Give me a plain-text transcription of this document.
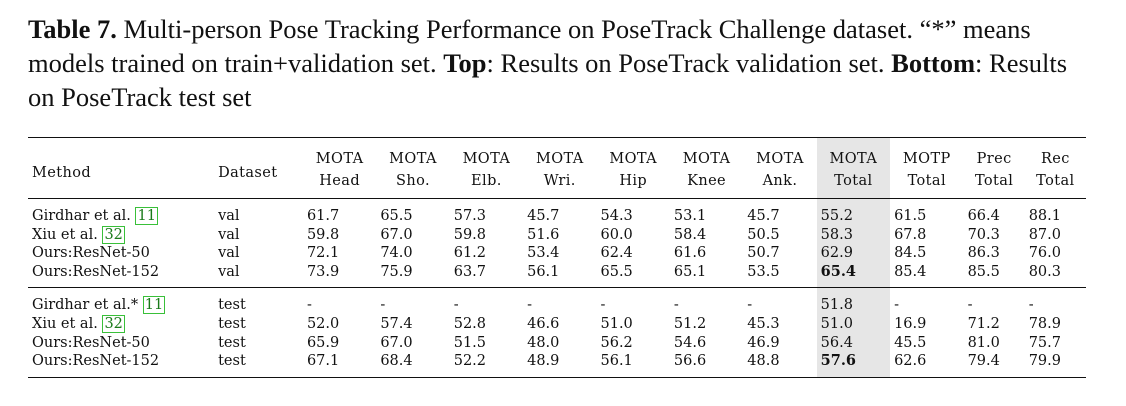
Table 7. Multi-person Pose Tracking Performance on PoseTrack Challenge dataset. “*” means models trained on train+validation set. Top: Results on PoseTrack validation set. Bottom: Results on PoseTrack test set
Method	Dataset	MOTA	MOTA	MOTA	MOTA	MOTA	MOTA	MOTA	MOTA	MOTP	Prec	Rec
		Head	Sho.	Elb.	Wri.	Hip	Knee	Ank.	Total	Total	Total	Total
Girdhar et al. 11	val	61.7	65.5	57.3	45.7	54.3	53.1	45.7	55.2	61.5	66.4	88.1
Xiu et al. 32	val	59.8	67.0	59.8	51.6	60.0	58.4	50.5	58.3	67.8	70.3	87.0
Ours:ResNet-50	val	72.1	74.0	61.2	53.4	62.4	61.6	50.7	62.9	84.5	86.3	76.0
Ours:ResNet-152	val	73.9	75.9	63.7	56.1	65.5	65.1	53.5	65.4	85.4	85.5	80.3
Girdhar et al.* 11	test	-	-	-	-	-	-	-	51.8	-	-	-
Xiu et al. 32	test	52.0	57.4	52.8	46.6	51.0	51.2	45.3	51.0	16.9	71.2	78.9
Ours:ResNet-50	test	65.9	67.0	51.5	48.0	56.2	54.6	46.9	56.4	45.5	81.0	75.7
Ours:ResNet-152	test	67.1	68.4	52.2	48.9	56.1	56.6	48.8	57.6	62.6	79.4	79.9
